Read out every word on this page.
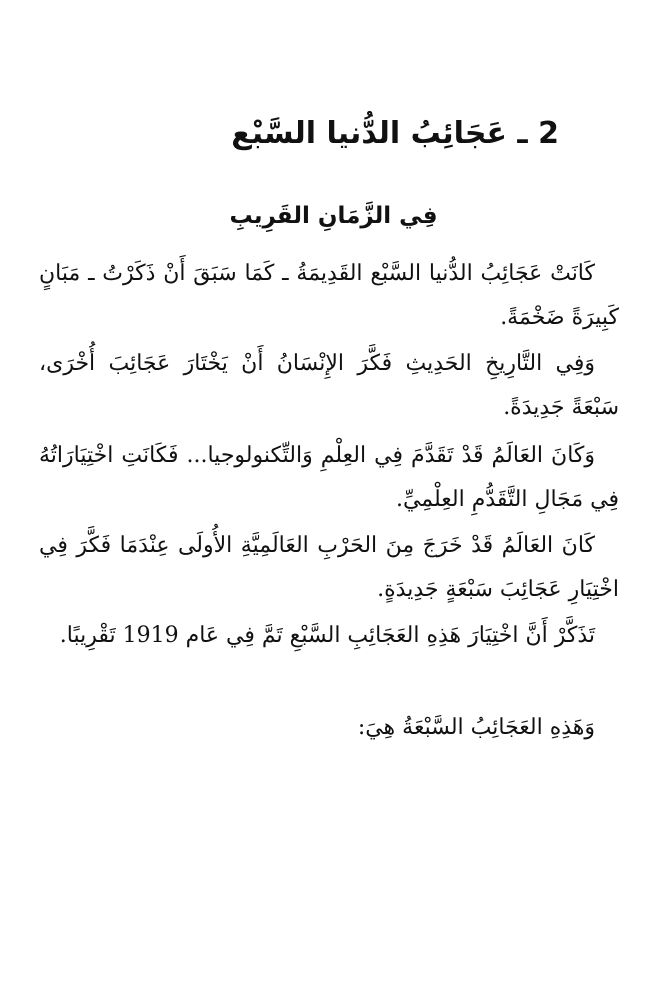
2 ـ عَجَائِبُ الدُّنيا السَّبْع
فِي الزَّمَانِ القَرِيبِ

كَانَتْ عَجَائِبُ الدُّنيا السَّبْع القَدِيمَةُ ـ كَمَا سَبَقَ أَنْ ذَكَرْتُ ـ مَبَانٍ كَبِيرَةً ضَخْمَةً.

وَفِي التَّارِيخِ الحَدِيثِ فَكَّرَ الإِنْسَانُ أَنْ يَخْتَارَ عَجَائِبَ أُخْرَى، سَبْعَةً جَدِيدَةً.

وَكَانَ العَالَمُ قَدْ تَقَدَّمَ فِي العِلْمِ وَالتِّكنولوجيا... فَكَانَتِ اخْتِيَارَاتُهُ فِي مَجَالِ التَّقَدُّمِ العِلْمِيِّ.

كَانَ العَالَمُ قَدْ خَرَجَ مِنَ الحَرْبِ العَالَمِيَّةِ الأُولَى عِنْدَمَا فَكَّرَ فِي اخْتِيَارِ عَجَائِبَ سَبْعَةٍ جَدِيدَةٍ.

تَذَكَّرْ أَنَّ اخْتِيَارَ هَذِهِ العَجَائِبِ السَّبْعِ تَمَّ فِي عَام 1919 تَقْرِيبًا.

وَهَذِهِ العَجَائِبُ السَّبْعَةُ هِيَ:
